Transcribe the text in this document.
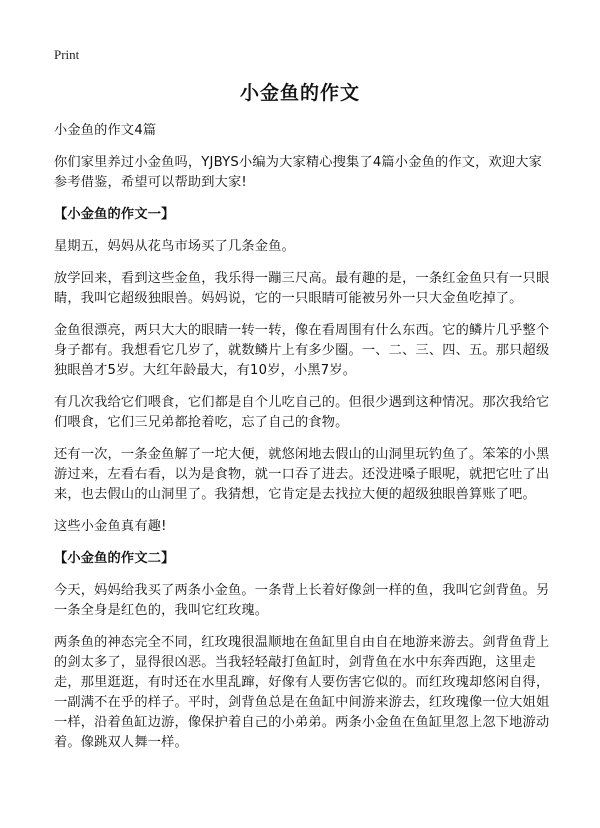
Print
小金鱼的作文

小金鱼的作文4篇

你们家里养过小金鱼吗，YJBYS小编为大家精心搜集了4篇小金鱼的作文，欢迎大家参考借鉴，希望可以帮助到大家!

【小金鱼的作文一】

星期五，妈妈从花鸟市场买了几条金鱼。

放学回来，看到这些金鱼，我乐得一蹦三尺高。最有趣的是，一条红金鱼只有一只眼睛，我叫它超级独眼兽。妈妈说，它的一只眼睛可能被另外一只大金鱼吃掉了。

金鱼很漂亮，两只大大的眼睛一转一转，像在看周围有什么东西。它的鳞片几乎整个身子都有。我想看它几岁了，就数鳞片上有多少圈。一、二、三、四、五。那只超级独眼兽才5岁。大红年龄最大，有10岁，小黑7岁。

有几次我给它们喂食，它们都是自个儿吃自己的。但很少遇到这种情况。那次我给它们喂食，它们三兄弟都抢着吃，忘了自己的食物。

还有一次，一条金鱼解了一坨大便，就悠闲地去假山的山洞里玩钓鱼了。笨笨的小黑游过来，左看右看，以为是食物，就一口吞了进去。还没进嗓子眼呢，就把它吐了出来，也去假山的山洞里了。我猜想，它肯定是去找拉大便的超级独眼兽算账了吧。

这些小金鱼真有趣!

【小金鱼的作文二】

今天，妈妈给我买了两条小金鱼。一条背上长着好像剑一样的鱼，我叫它剑背鱼。另一条全身是红色的，我叫它红玫瑰。

两条鱼的神态完全不同，红玫瑰很温顺地在鱼缸里自由自在地游来游去。剑背鱼背上的剑太多了，显得很凶恶。当我轻轻敲打鱼缸时，剑背鱼在水中东奔西跑，这里走走，那里逛逛，有时还在水里乱蹿，好像有人要伤害它似的。而红玫瑰却悠闲自得，一副满不在乎的样子。平时，剑背鱼总是在鱼缸中间游来游去，红玫瑰像一位大姐姐一样，沿着鱼缸边游，像保护着自己的小弟弟。两条小金鱼在鱼缸里忽上忽下地游动着。像跳双人舞一样。
